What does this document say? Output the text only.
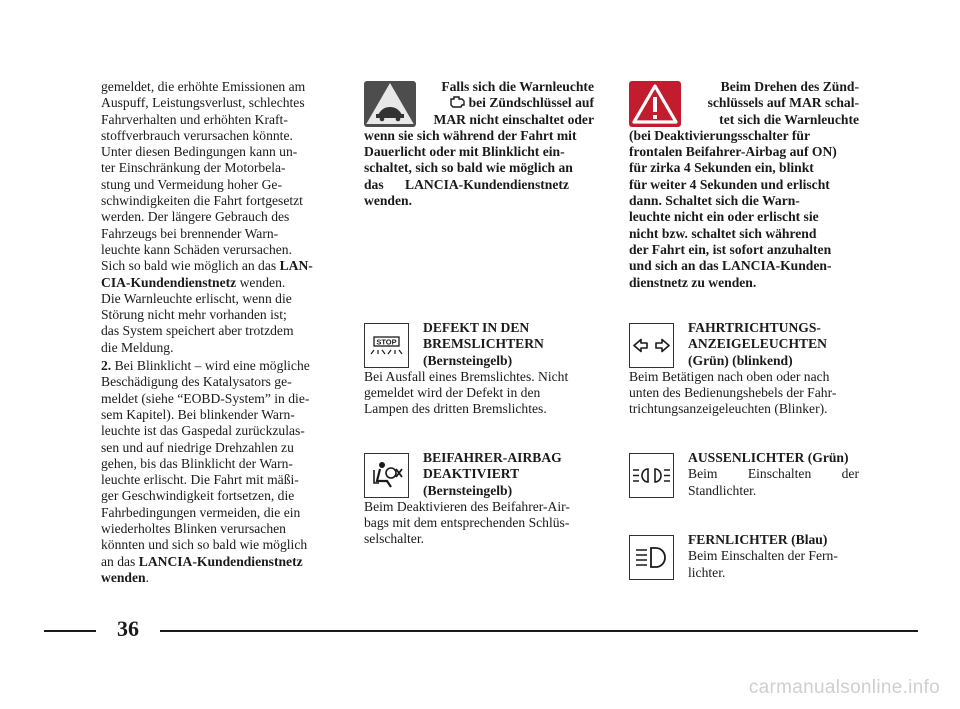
gemeldet, die erhöhte Emissionen am
Auspuff, Leistungsverlust, schlechtes
Fahrverhalten und erhöhten Kraft-
stoffverbrauch verursachen könnte.
Unter diesen Bedingungen kann un-
ter Einschränkung der Motorbela-
stung und Vermeidung hoher Ge-
schwindigkeiten die Fahrt fortgesetzt
werden. Der längere Gebrauch des
Fahrzeugs bei brennender Warn-
leuchte kann Schäden verursachen.
Sich so bald wie möglich an das LAN-
CIA-Kundendienstnetz wenden.

Die Warnleuchte erlischt, wenn die
Störung nicht mehr vorhanden ist;
das System speichert aber trotzdem
die Meldung.

2. Bei Blinklicht – wird eine mögliche
Beschädigung des Katalysators ge-
meldet (siehe “EOBD-System” in die-
sem Kapitel). Bei blinkender Warn-
leuchte ist das Gaspedal zurückzulas-
sen und auf niedrige Drehzahlen zu
gehen, bis das Blinklicht der Warn-
leuchte erlischt. Die Fahrt mit mäßi-
ger Geschwindigkeit fortsetzen, die
Fahrbedingungen vermeiden, die ein
wiederholtes Blinken verursachen
könnten und sich so bald wie möglich
an das LANCIA-Kundendienstnetz
wenden.

Falls sich die Warnleuchte
bei Zündschlüssel auf
MAR nicht einschaltet oder
wenn sie sich während der Fahrt mit
Dauerlicht oder mit Blinklicht ein-
schaltet, sich so bald wie möglich an
das LANCIA-Kundendienstnetz
wenden.

STOP
DEFEKT IN DEN
BREMSLICHTERN
(Bernsteingelb)

Bei Ausfall eines Bremslichtes. Nicht
gemeldet wird der Defekt in den
Lampen des dritten Bremslichtes.

BEIFAHRER-AIRBAG
DEAKTIVIERT
(Bernsteingelb)

Beim Deaktivieren des Beifahrer-Air-
bags mit dem entsprechenden Schlüs-
selschalter.

Beim Drehen des Zünd-
schlüssels auf MAR schal-
tet sich die Warnleuchte
(bei Deaktivierungsschalter für
frontalen Beifahrer-Airbag auf ON)
für zirka 4 Sekunden ein, blinkt
für weiter 4 Sekunden und erlischt
dann. Schaltet sich die Warn-
leuchte nicht ein oder erlischt sie
nicht bzw. schaltet sich während
der Fahrt ein, ist sofort anzuhalten
und sich an das LANCIA-Kunden-
dienstnetz zu wenden.

FAHRTRICHTUNGS-
ANZEIGELEUCHTEN
(Grün) (blinkend)

Beim Betätigen nach oben oder nach
unten des Bedienungshebels der Fahr-
trichtungsanzeigeleuchten (Blinker).

AUSSENLICHTER (Grün)

Beim Einschalten der
Standlichter.
FERNLICHTER (Blau)
Beim Einschalten der Fern-
lichter.
36
carmanualsonline.info
